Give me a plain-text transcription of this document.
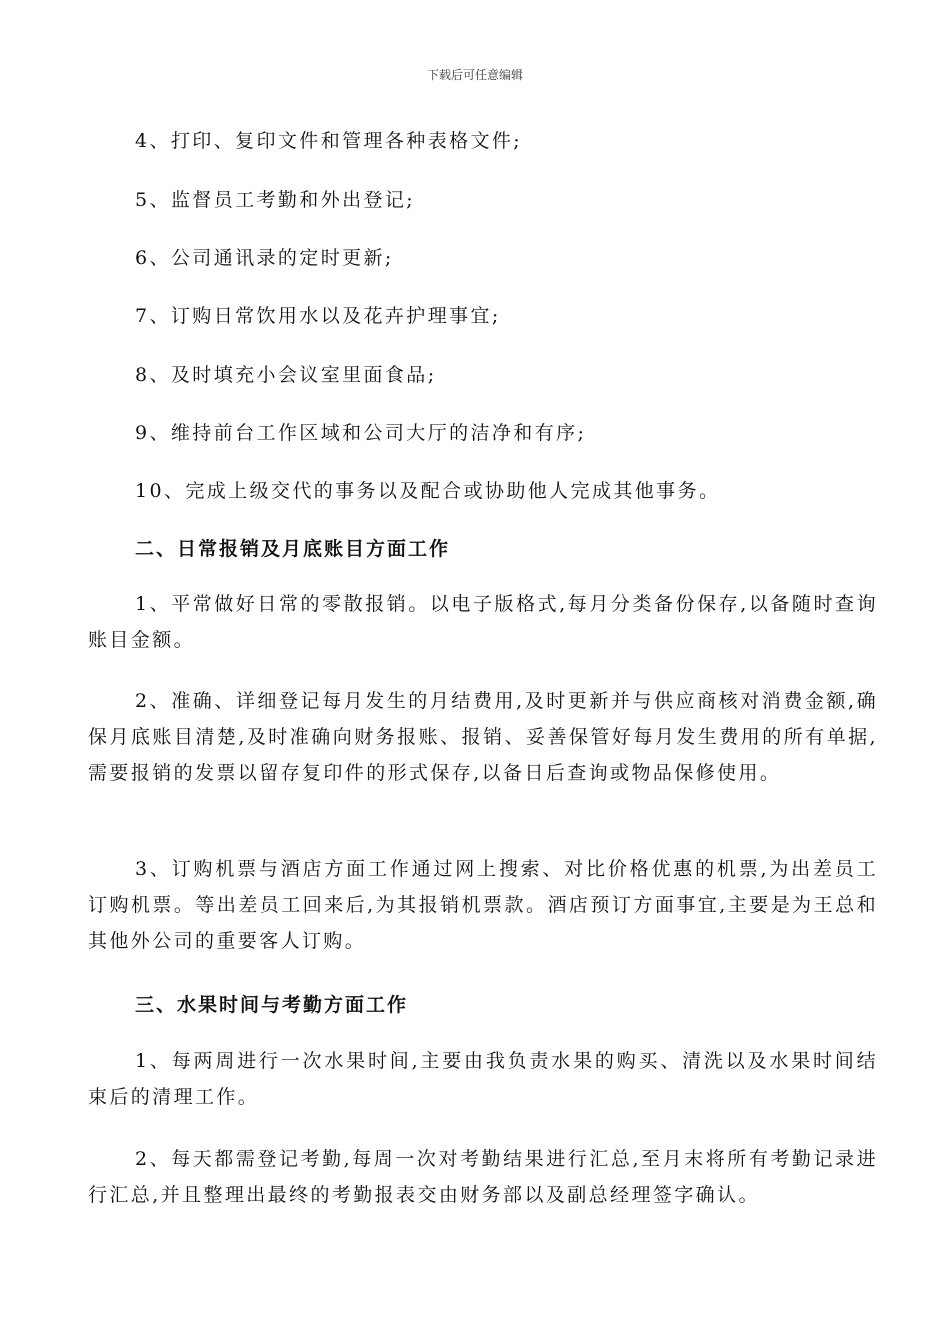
下载后可任意编辑

4、打印、复印文件和管理各种表格文件;

5、监督员工考勤和外出登记;

6、公司通讯录的定时更新;

7、订购日常饮用水以及花卉护理事宜;

8、及时填充小会议室里面食品;

9、维持前台工作区域和公司大厅的洁净和有序;

10、完成上级交代的事务以及配合或协助他人完成其他事务。

二、日常报销及月底账目方面工作

1、平常做好日常的零散报销。以电子版格式,每月分类备份保存,以备随时查询账目金额。

2、准确、详细登记每月发生的月结费用,及时更新并与供应商核对消费金额,确保月底账目清楚,及时准确向财务报账、报销、妥善保管好每月发生费用的所有单据,需要报销的发票以留存复印件的形式保存,以备日后查询或物品保修使用。

3、订购机票与酒店方面工作通过网上搜索、对比价格优惠的机票,为出差员工订购机票。等出差员工回来后,为其报销机票款。酒店预订方面事宜,主要是为王总和其他外公司的重要客人订购。

三、水果时间与考勤方面工作

1、每两周进行一次水果时间,主要由我负责水果的购买、清洗以及水果时间结束后的清理工作。

2、每天都需登记考勤,每周一次对考勤结果进行汇总,至月末将所有考勤记录进行汇总,并且整理出最终的考勤报表交由财务部以及副总经理签字确认。
